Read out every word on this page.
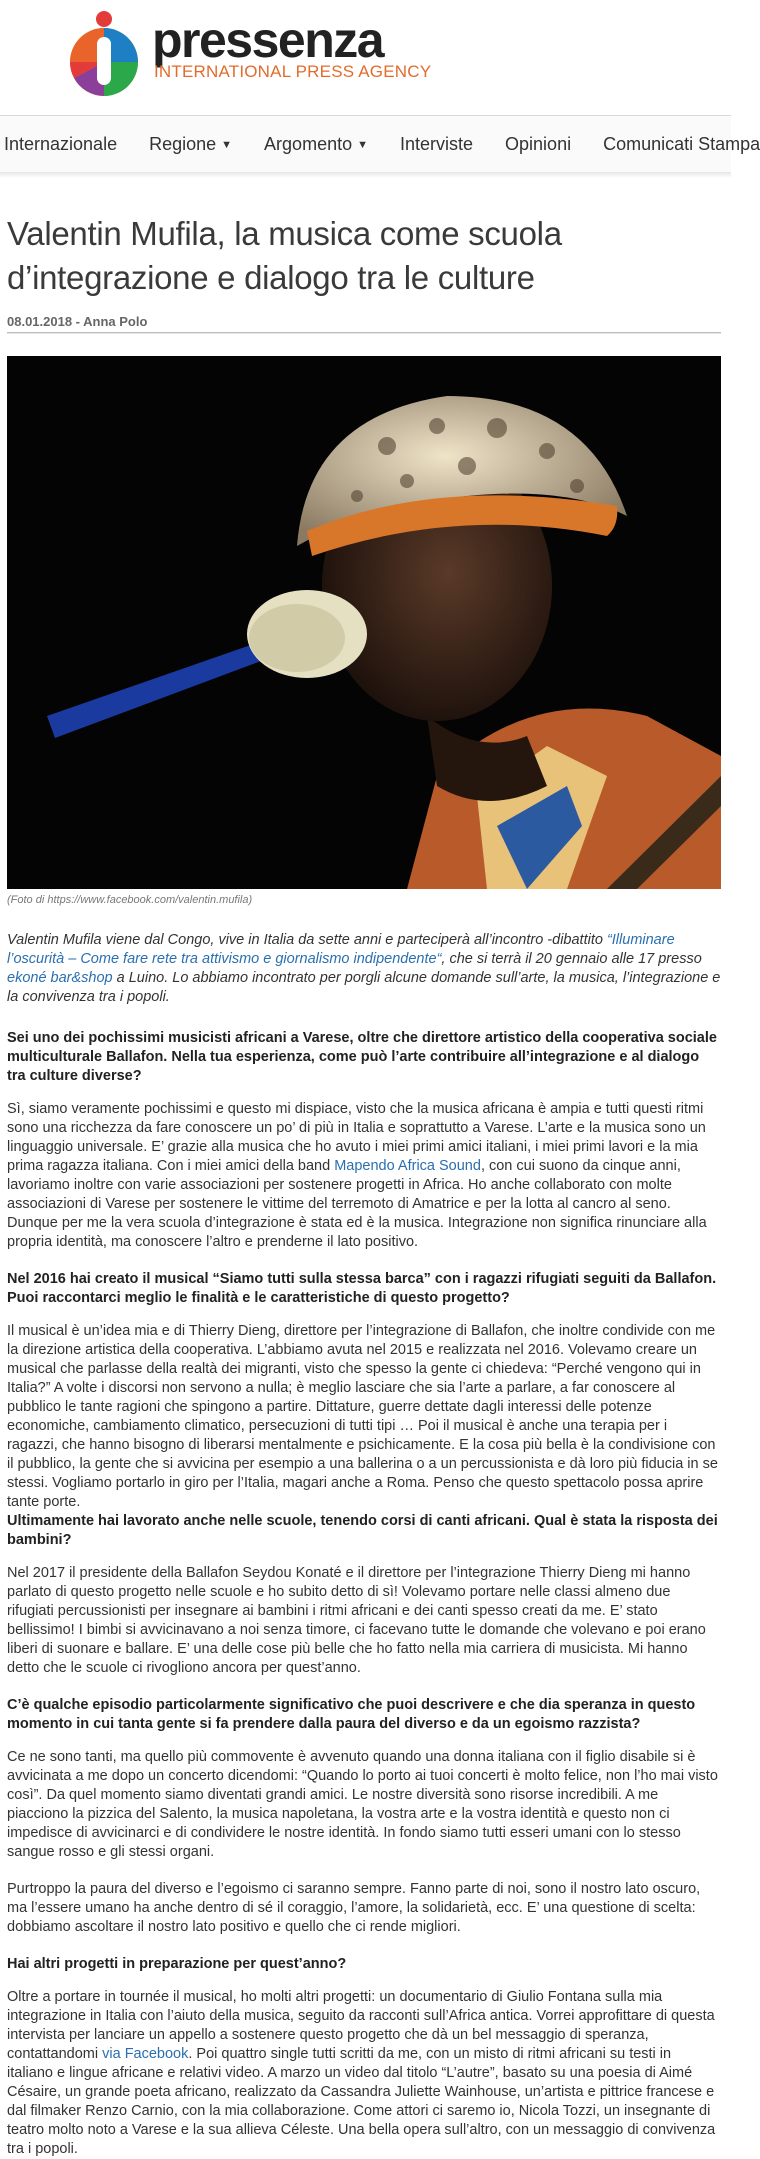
pressenza
INTERNATIONAL PRESS AGENCY
Internazionale Regione ▼ Argomento ▼ Interviste Opinioni Comunicati Stampa
Valentin Mufila, la musica come scuola d’integrazione e dialogo tra le culture
08.01.2018 - Anna Polo
(Foto di https://www.facebook.com/valentin.mufila)

Valentin Mufila viene dal Congo, vive in Italia da sette anni e parteciperà all’incontro -dibattito “Illuminare l’oscurità – Come fare rete tra attivismo e giornalismo indipendente“, che si terrà il 20 gennaio alle 17 presso ekoné bar&shop a Luino. Lo abbiamo incontrato per porgli alcune domande sull’arte, la musica, l’integrazione e la convivenza tra i popoli.

Sei uno dei pochissimi musicisti africani a Varese, oltre che direttore artistico della cooperativa sociale multiculturale Ballafon. Nella tua esperienza, come può l’arte contribuire all’integrazione e al dialogo tra culture diverse?

Sì, siamo veramente pochissimi e questo mi dispiace, visto che la musica africana è ampia e tutti questi ritmi sono una ricchezza da fare conoscere un po’ di più in Italia e soprattutto a Varese. L’arte e la musica sono un linguaggio universale. E’ grazie alla musica che ho avuto i miei primi amici italiani, i miei primi lavori e la mia prima ragazza italiana. Con i miei amici della band Mapendo Africa Sound, con cui suono da cinque anni, lavoriamo inoltre con varie associazioni per sostenere progetti in Africa. Ho anche collaborato con molte associazioni di Varese per sostenere le vittime del terremoto di Amatrice e per la lotta al cancro al seno. Dunque per me la vera scuola d’integrazione è stata ed è la musica. Integrazione non significa rinunciare alla propria identità, ma conoscere l’altro e prenderne il lato positivo.

Nel 2016 hai creato il musical “Siamo tutti sulla stessa barca” con i ragazzi rifugiati seguiti da Ballafon. Puoi raccontarci meglio le finalità e le caratteristiche di questo progetto?

Il musical è un’idea mia e di Thierry Dieng, direttore per l’integrazione di Ballafon, che inoltre condivide con me la direzione artistica della cooperativa. L’abbiamo avuta nel 2015 e realizzata nel 2016. Volevamo creare un musical che parlasse della realtà dei migranti, visto che spesso la gente ci chiedeva: “Perché vengono qui in Italia?” A volte i discorsi non servono a nulla; è meglio lasciare che sia l’arte a parlare, a far conoscere al pubblico le tante ragioni che spingono a partire. Dittature, guerre dettate dagli interessi delle potenze economiche, cambiamento climatico, persecuzioni di tutti tipi … Poi il musical è anche una terapia per i ragazzi, che hanno bisogno di liberarsi mentalmente e psichicamente. E la cosa più bella è la condivisione con il pubblico, la gente che si avvicina per esempio a una ballerina o a un percussionista e dà loro più fiducia in se stessi. Vogliamo portarlo in giro per l’Italia, magari anche a Roma. Penso che questo spettacolo possa aprire tante porte.

Ultimamente hai lavorato anche nelle scuole, tenendo corsi di canti africani. Qual è stata la risposta dei bambini?

Nel 2017 il presidente della Ballafon Seydou Konaté e il direttore per l’integrazione Thierry Dieng mi hanno parlato di questo progetto nelle scuole e ho subito detto di sì! Volevamo portare nelle classi almeno due rifugiati percussionisti per insegnare ai bambini i ritmi africani e dei canti spesso creati da me. E’ stato bellissimo! I bimbi si avvicinavano a noi senza timore, ci facevano tutte le domande che volevano e poi erano liberi di suonare e ballare. E’ una delle cose più belle che ho fatto nella mia carriera di musicista. Mi hanno detto che le scuole ci rivogliono ancora per quest’anno.

C’è qualche episodio particolarmente significativo che puoi descrivere e che dia speranza in questo momento in cui tanta gente si fa prendere dalla paura del diverso e da un egoismo razzista?

Ce ne sono tanti, ma quello più commovente è avvenuto quando una donna italiana con il figlio disabile si è avvicinata a me dopo un concerto dicendomi: “Quando lo porto ai tuoi concerti è molto felice, non l’ho mai visto così”. Da quel momento siamo diventati grandi amici. Le nostre diversità sono risorse incredibili. A me piacciono la pizzica del Salento, la musica napoletana, la vostra arte e la vostra identità e questo non ci impedisce di avvicinarci e di condividere le nostre identità. In fondo siamo tutti esseri umani con lo stesso sangue rosso e gli stessi organi.

Purtroppo la paura del diverso e l’egoismo ci saranno sempre. Fanno parte di noi, sono il nostro lato oscuro, ma l’essere umano ha anche dentro di sé il coraggio, l’amore, la solidarietà, ecc. E’ una questione di scelta: dobbiamo ascoltare il nostro lato positivo e quello che ci rende migliori.

Hai altri progetti in preparazione per quest’anno?

Oltre a portare in tournée il musical, ho molti altri progetti: un documentario di Giulio Fontana sulla mia integrazione in Italia con l’aiuto della musica, seguito da racconti sull’Africa antica. Vorrei approfittare di questa intervista per lanciare un appello a sostenere questo progetto che dà un bel messaggio di speranza, contattandomi via Facebook. Poi quattro single tutti scritti da me, con un misto di ritmi africani su testi in italiano e lingue africane e relativi video. A marzo un video dal titolo “L’autre”, basato su una poesia di Aimé Césaire, un grande poeta africano, realizzato da Cassandra Juliette Wainhouse, un’artista e pittrice francese e dal filmaker Renzo Carnio, con la mia collaborazione. Come attori ci saremo io, Nicola Tozzi, un insegnante di teatro molto noto a Varese e la sua allieva Céleste. Una bella opera sull’altro, con un messaggio di convivenza tra i popoli.
